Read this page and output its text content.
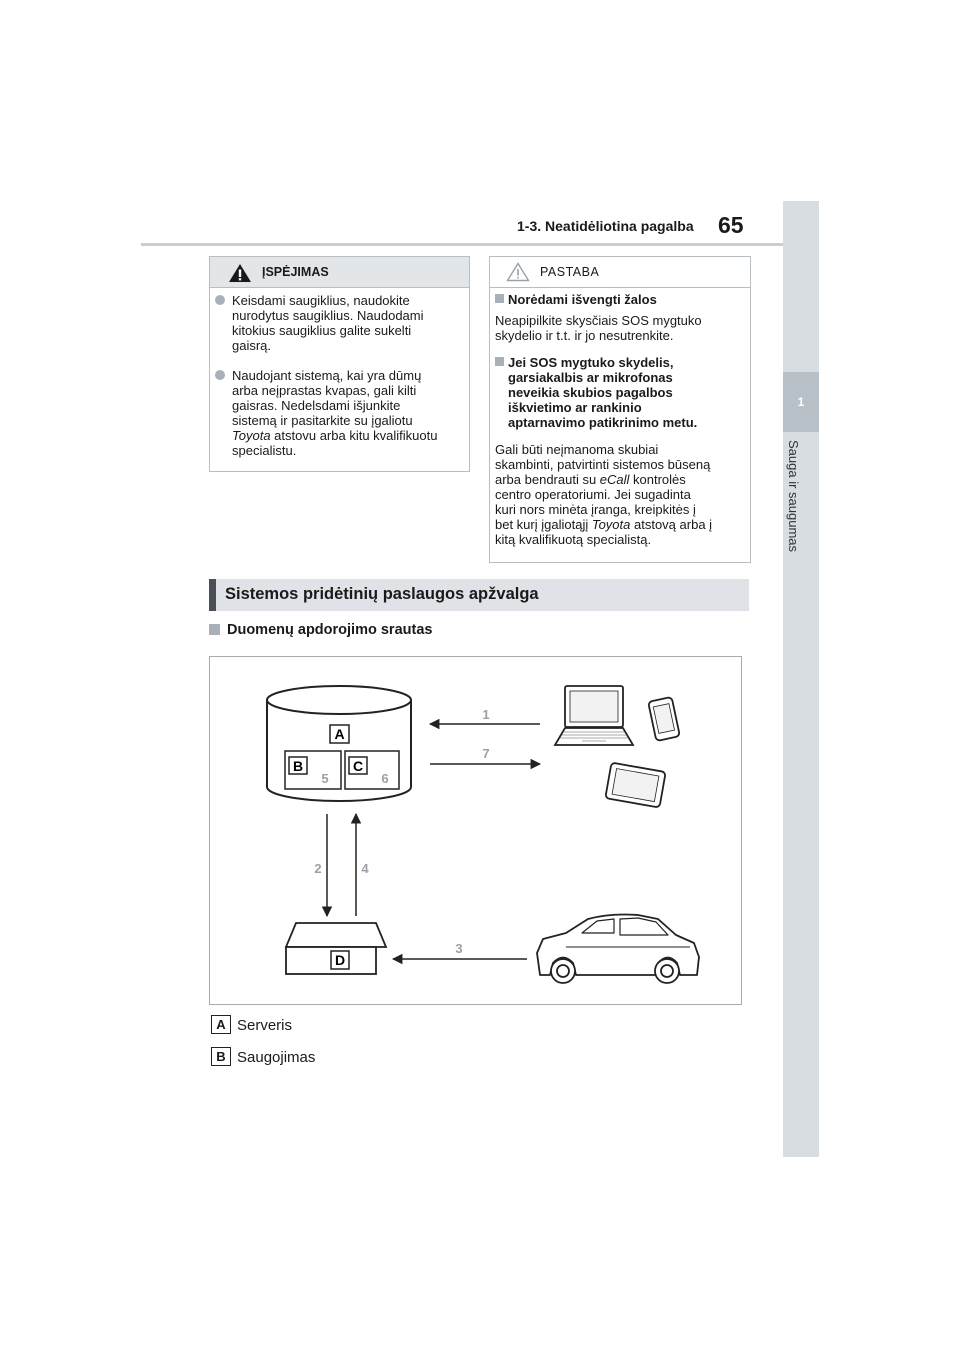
1-3. Neatidėliotina pagalba 65
1
Sauga ir saugumas
ĮSPĖJIMAS
Keisdami saugiklius, naudokite
nurodytus saugiklius. Naudodami
kitokius saugiklius galite sukelti
gaisrą.
Naudojant sistemą, kai yra dūmų
arba neįprastas kvapas, gali kilti
gaisras. Nedelsdami išjunkite
sistemą ir pasitarkite su įgaliotu
Toyota atstovu arba kitu kvalifikuotu
specialistu.
PASTABA
Norėdami išvengti žalos
Neapipilkite skysčiais SOS mygtuko
skydelio ir t.t. ir jo nesutrenkite.
Jei SOS mygtuko skydelis,
garsiakalbis ar mikrofonas
neveikia skubios pagalbos
iškvietimo ar rankinio
aptarnavimo patikrinimo metu.
Gali būti neįmanoma skubiai
skambinti, patvirtinti sistemos būseną
arba bendrauti su eCall kontrolės
centro operatoriumi. Jei sugadinta
kuri nors minėta įranga, kreipkitės į
bet kurį įgaliotąjį Toyota atstovą arba į
kitą kvalifikuotą specialistą.
Sistemos pridėtinių paslaugos apžvalga
Duomenų apdorojimo srautas
A
B
5
C
6
1
7
2	4
D
3
A Serveris
B Saugojimas
